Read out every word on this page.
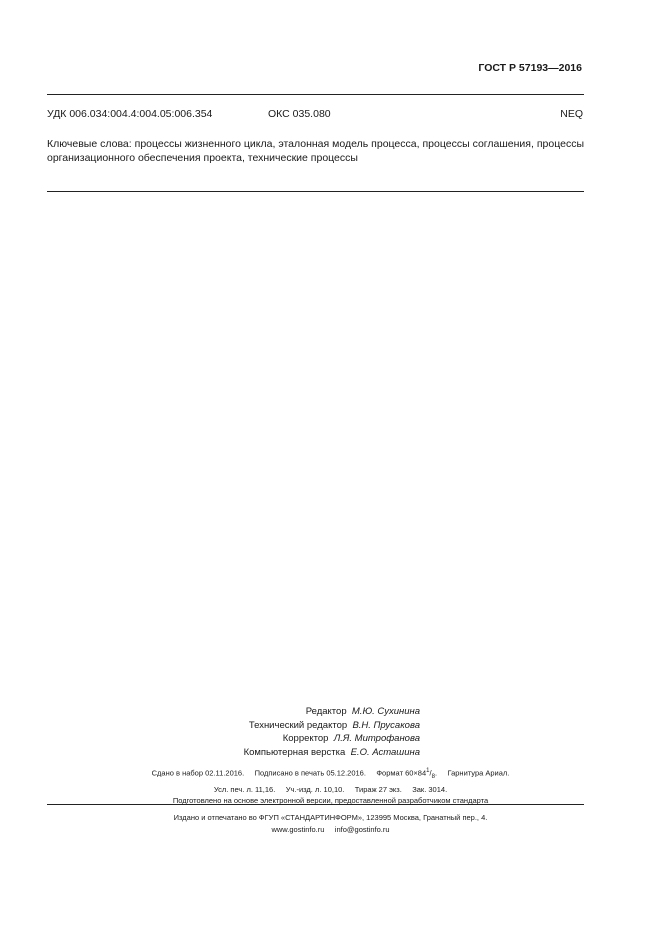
ГОСТ Р 57193—2016
УДК 006.034:004.4:004.05:006.354	ОКС 035.080	NEQ
Ключевые слова: процессы жизненного цикла, эталонная модель процесса, процессы соглашения, процессы организационного обеспечения проекта, технические процессы
Редактор М.Ю. Сухинина
Технический редактор В.Н. Прусакова
Корректор Л.Я. Митрофанова
Компьютерная верстка Е.О. Асташина
Сдано в набор 02.11.2016.     Подписано в печать 05.12.2016.     Формат $60\times 84^1/_8$.     Гарнитура Ариал.
Усл. печ. л. 11,16.     Уч.-изд. л. 10,10.     Тираж 27 экз.     Зак. 3014.
Подготовлено на основе электронной версии, предоставленной разработчиком стандарта
Издано и отпечатано во ФГУП «СТАНДАРТИНФОРМ», 123995 Москва, Гранатный пер., 4.
www.gostinfo.ru     info@gostinfo.ru
